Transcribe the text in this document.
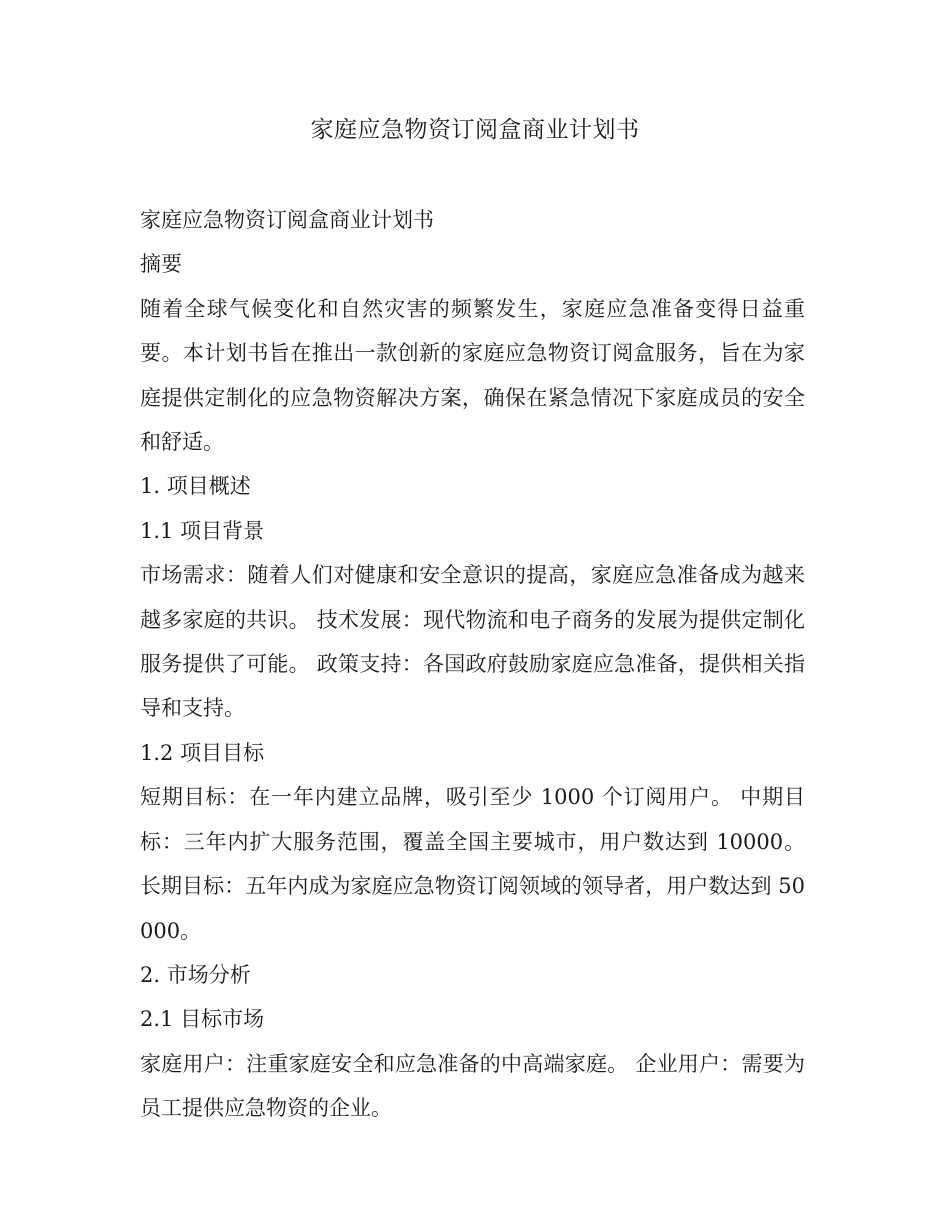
家庭应急物资订阅盒商业计划书
家庭应急物资订阅盒商业计划书
摘要
随着全球气候变化和自然灾害的频繁发生，家庭应急准备变得日益重要。本计划书旨在推出一款创新的家庭应急物资订阅盒服务，旨在为家庭提供定制化的应急物资解决方案，确保在紧急情况下家庭成员的安全和舒适。
1. 项目概述
1.1 项目背景
市场需求：随着人们对健康和安全意识的提高，家庭应急准备成为越来越多家庭的共识。 技术发展：现代物流和电子商务的发展为提供定制化服务提供了可能。 政策支持：各国政府鼓励家庭应急准备，提供相关指导和支持。
1.2 项目目标
短期目标：在一年内建立品牌，吸引至少 1000 个订阅用户。 中期目标：三年内扩大服务范围，覆盖全国主要城市，用户数达到 10000。 长期目标：五年内成为家庭应急物资订阅领域的领导者，用户数达到 50000。
2. 市场分析
2.1 目标市场
家庭用户：注重家庭安全和应急准备的中高端家庭。 企业用户：需要为员工提供应急物资的企业。
